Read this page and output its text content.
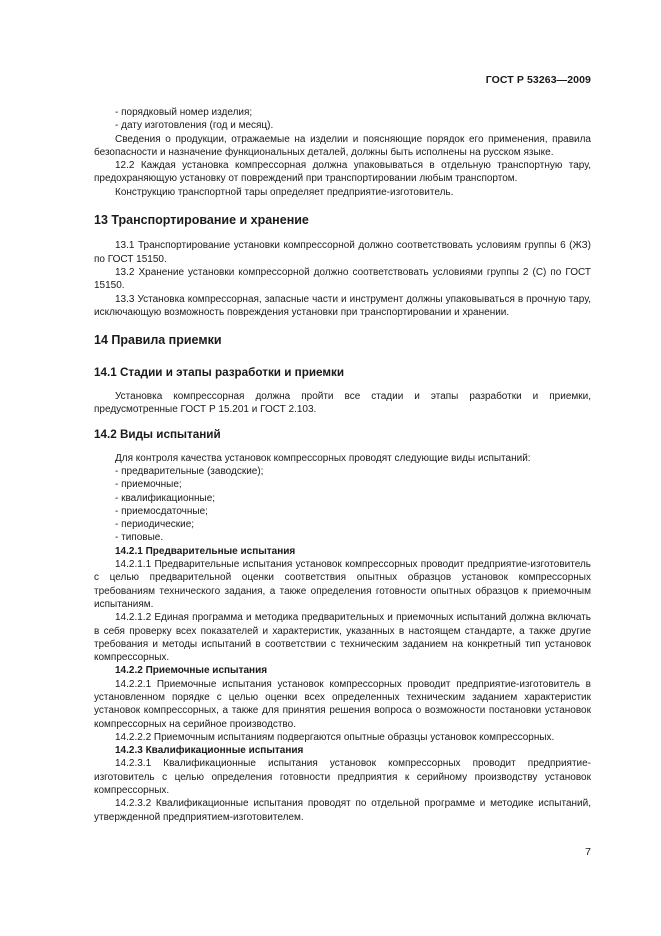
ГОСТ Р 53263—2009

- порядковый номер изделия;

- дату изготовления (год и месяц).

Сведения о продукции, отражаемые на изделии и поясняющие порядок его применения, правила безопасности и назначение функциональных деталей, должны быть исполнены на русском языке.

12.2 Каждая установка компрессорная должна упаковываться в отдельную транспортную тару, предохраняющую установку от повреждений при транспортировании любым транспортом.

Конструкцию транспортной тары определяет предприятие-изготовитель.

13 Транспортирование и хранение

13.1 Транспортирование установки компрессорной должно соответствовать условиям группы 6 (ЖЗ) по ГОСТ 15150.

13.2 Хранение установки компрессорной должно соответствовать условиями группы 2 (С) по ГОСТ 15150.

13.3 Установка компрессорная, запасные части и инструмент должны упаковываться в прочную тару, исключающую возможность повреждения установки при транспортировании и хранении.

14 Правила приемки
14.1 Стадии и этапы разработки и приемки

Установка компрессорная должна пройти все стадии и этапы разработки и приемки, предусмотренные ГОСТ Р 15.201 и ГОСТ 2.103.

14.2 Виды испытаний

Для контроля качества установок компрессорных проводят следующие виды испытаний:

- предварительные (заводские);

- приемочные;

- квалификационные;

- приемосдаточные;

- периодические;

- типовые.

14.2.1 Предварительные испытания

14.2.1.1 Предварительные испытания установок компрессорных проводит предприятие-изготовитель с целью предварительной оценки соответствия опытных образцов установок компрессорных требованиям технического задания, а также определения готовности опытных образцов к приемочным испытаниям.

14.2.1.2 Единая программа и методика предварительных и приемочных испытаний должна включать в себя проверку всех показателей и характеристик, указанных в настоящем стандарте, а также другие требования и методы испытаний в соответствии с техническим заданием на конкретный тип установок компрессорных.

14.2.2 Приемочные испытания

14.2.2.1 Приемочные испытания установок компрессорных проводит предприятие-изготовитель в установленном порядке с целью оценки всех определенных техническим заданием характеристик установок компрессорных, а также для принятия решения вопроса о возможности постановки установок компрессорных на серийное производство.

14.2.2.2 Приемочным испытаниям подвергаются опытные образцы установок компрессорных.

14.2.3 Квалификационные испытания

14.2.3.1 Квалификационные испытания установок компрессорных проводит предприятие-изготовитель с целью определения готовности предприятия к серийному производству установок компрессорных.

14.2.3.2 Квалификационные испытания проводят по отдельной программе и методике испытаний, утвержденной предприятием-изготовителем.

7
